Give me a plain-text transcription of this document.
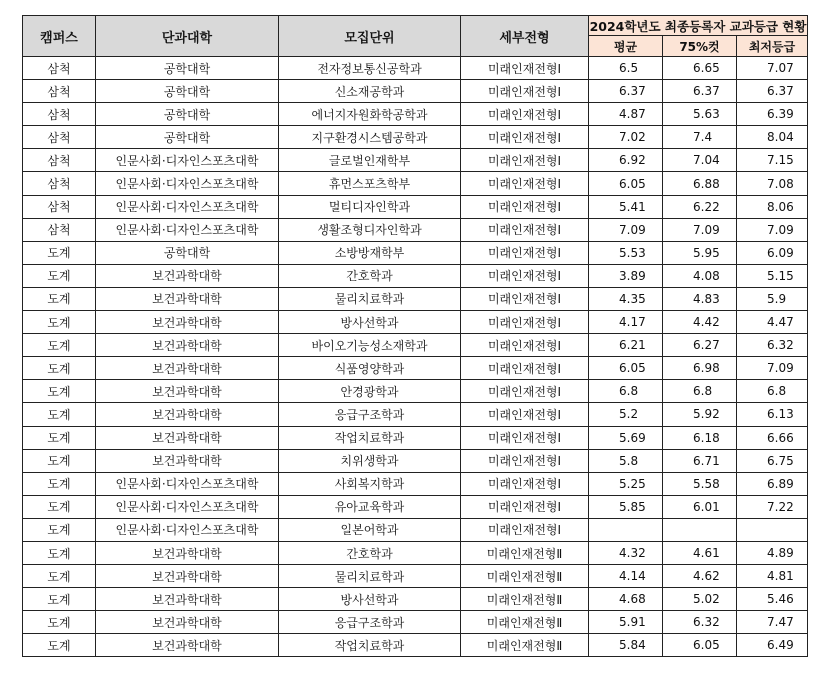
캠퍼스	단과대학	모집단위	세부전형	2024학년도 최종등록자 교과등급 현황		
				평균	75%컷	최저등급
삼척	공학대학	전자정보통신공학과	미래인재전형Ⅰ	6.5	6.65	7.07
삼척	공학대학	신소재공학과	미래인재전형Ⅰ	6.37	6.37	6.37
삼척	공학대학	에너지자원화학공학과	미래인재전형Ⅰ	4.87	5.63	6.39
삼척	공학대학	지구환경시스템공학과	미래인재전형Ⅰ	7.02	7.4	8.04
삼척	인문사회·디자인스포츠대학	글로벌인재학부	미래인재전형Ⅰ	6.92	7.04	7.15
삼척	인문사회·디자인스포츠대학	휴먼스포츠학부	미래인재전형Ⅰ	6.05	6.88	7.08
삼척	인문사회·디자인스포츠대학	멀티디자인학과	미래인재전형Ⅰ	5.41	6.22	8.06
삼척	인문사회·디자인스포츠대학	생활조형디자인학과	미래인재전형Ⅰ	7.09	7.09	7.09
도계	공학대학	소방방재학부	미래인재전형Ⅰ	5.53	5.95	6.09
도계	보건과학대학	간호학과	미래인재전형Ⅰ	3.89	4.08	5.15
도계	보건과학대학	물리치료학과	미래인재전형Ⅰ	4.35	4.83	5.9
도계	보건과학대학	방사선학과	미래인재전형Ⅰ	4.17	4.42	4.47
도계	보건과학대학	바이오기능성소재학과	미래인재전형Ⅰ	6.21	6.27	6.32
도계	보건과학대학	식품영양학과	미래인재전형Ⅰ	6.05	6.98	7.09
도계	보건과학대학	안경광학과	미래인재전형Ⅰ	6.8	6.8	6.8
도계	보건과학대학	응급구조학과	미래인재전형Ⅰ	5.2	5.92	6.13
도계	보건과학대학	작업치료학과	미래인재전형Ⅰ	5.69	6.18	6.66
도계	보건과학대학	치위생학과	미래인재전형Ⅰ	5.8	6.71	6.75
도계	인문사회·디자인스포츠대학	사회복지학과	미래인재전형Ⅰ	5.25	5.58	6.89
도계	인문사회·디자인스포츠대학	유아교육학과	미래인재전형Ⅰ	5.85	6.01	7.22
도계	인문사회·디자인스포츠대학	일본어학과	미래인재전형Ⅰ			
도계	보건과학대학	간호학과	미래인재전형Ⅱ	4.32	4.61	4.89
도계	보건과학대학	물리치료학과	미래인재전형Ⅱ	4.14	4.62	4.81
도계	보건과학대학	방사선학과	미래인재전형Ⅱ	4.68	5.02	5.46
도계	보건과학대학	응급구조학과	미래인재전형Ⅱ	5.91	6.32	7.47
도계	보건과학대학	작업치료학과	미래인재전형Ⅱ	5.84	6.05	6.49
